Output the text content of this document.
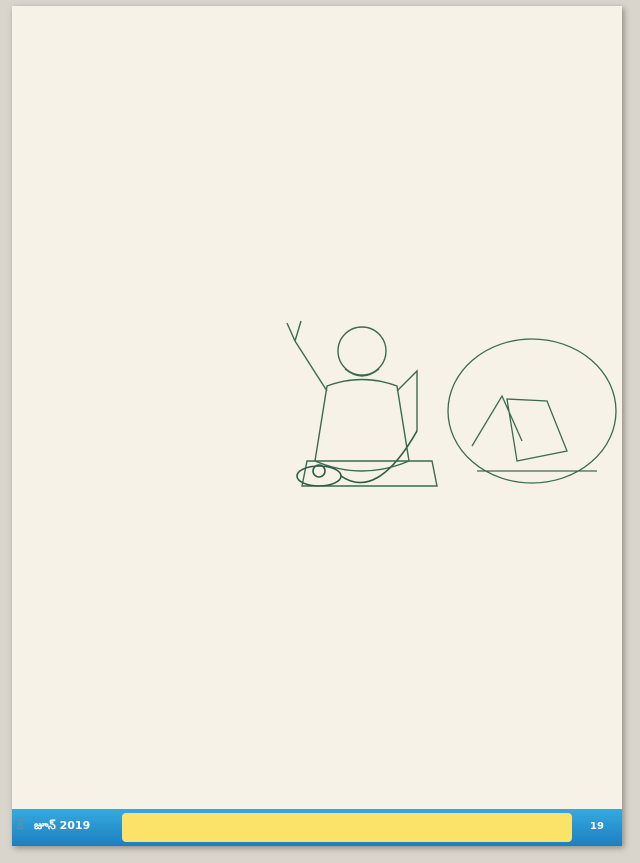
జూన్ 2019	19
Dia
